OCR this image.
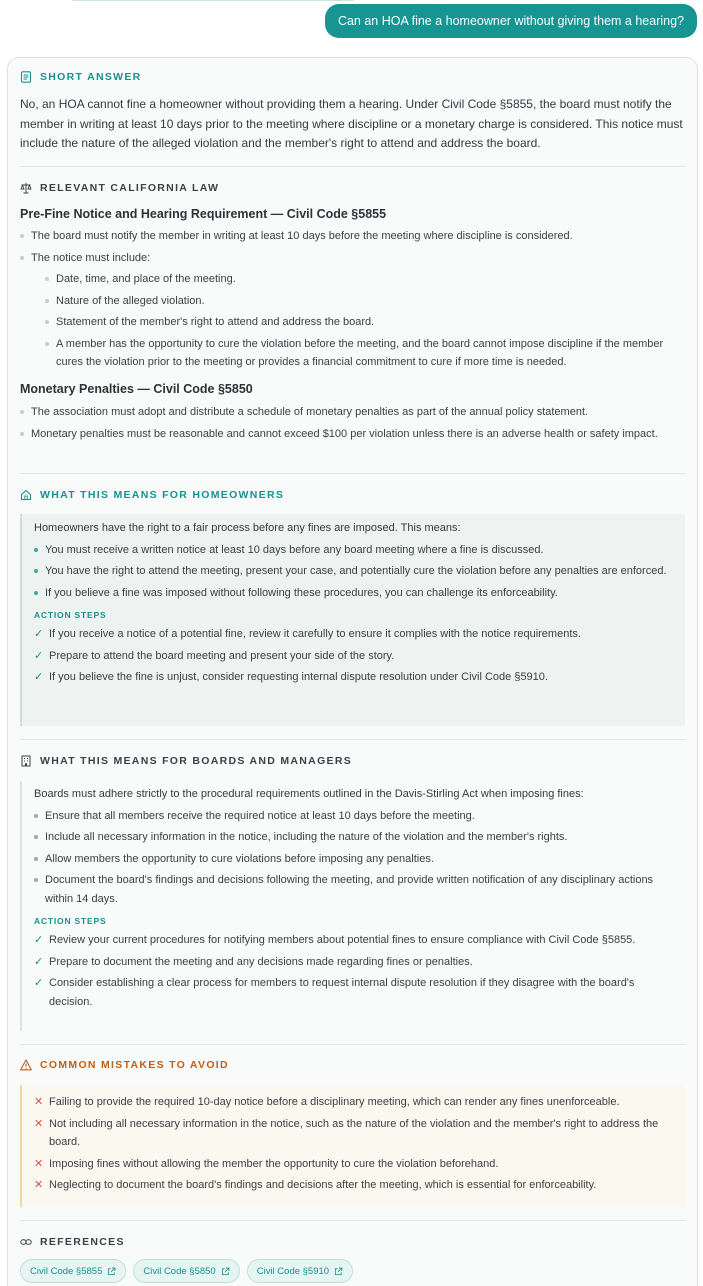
Can an HOA fine a homeowner without giving them a hearing?
SHORT ANSWER

No, an HOA cannot fine a homeowner without providing them a hearing. Under Civil Code §5855, the board must notify the member in writing at least 10 days prior to the meeting where discipline or a monetary charge is considered. This notice must include the nature of the alleged violation and the member's right to attend and address the board.

RELEVANT CALIFORNIA LAW
Pre-Fine Notice and Hearing Requirement — Civil Code §5855
The board must notify the member in writing at least 10 days before the meeting where discipline is considered.
The notice must include:
Date, time, and place of the meeting.
Nature of the alleged violation.
Statement of the member's right to attend and address the board.
A member has the opportunity to cure the violation before the meeting, and the board cannot impose discipline if the member cures the violation prior to the meeting or provides a financial commitment to cure if more time is needed.
Monetary Penalties — Civil Code §5850
The association must adopt and distribute a schedule of monetary penalties as part of the annual policy statement.
Monetary penalties must be reasonable and cannot exceed $100 per violation unless there is an adverse health or safety impact.
WHAT THIS MEANS FOR HOMEOWNERS

Homeowners have the right to a fair process before any fines are imposed. This means:

You must receive a written notice at least 10 days before any board meeting where a fine is discussed.
You have the right to attend the meeting, present your case, and potentially cure the violation before any penalties are enforced.
If you believe a fine was imposed without following these procedures, you can challenge its enforceability.
ACTION STEPS
✓ If you receive a notice of a potential fine, review it carefully to ensure it complies with the notice requirements.
✓ Prepare to attend the board meeting and present your side of the story.
✓ If you believe the fine is unjust, consider requesting internal dispute resolution under Civil Code §5910.
WHAT THIS MEANS FOR BOARDS AND MANAGERS

Boards must adhere strictly to the procedural requirements outlined in the Davis-Stirling Act when imposing fines:

Ensure that all members receive the required notice at least 10 days before the meeting.
Include all necessary information in the notice, including the nature of the violation and the member's rights.
Allow members the opportunity to cure violations before imposing any penalties.
Document the board's findings and decisions following the meeting, and provide written notification of any disciplinary actions within 14 days.
ACTION STEPS
✓ Review your current procedures for notifying members about potential fines to ensure compliance with Civil Code §5855.
✓ Prepare to document the meeting and any decisions made regarding fines or penalties.
✓ Consider establishing a clear process for members to request internal dispute resolution if they disagree with the board's decision.
COMMON MISTAKES TO AVOID
✕ Failing to provide the required 10-day notice before a disciplinary meeting, which can render any fines unenforceable.
✕ Not including all necessary information in the notice, such as the nature of the violation and the member's right to address the board.
✕ Imposing fines without allowing the member the opportunity to cure the violation beforehand.
✕ Neglecting to document the board's findings and decisions after the meeting, which is essential for enforceability.
REFERENCES
Civil Code §5855	Civil Code §5850	Civil Code §5910
